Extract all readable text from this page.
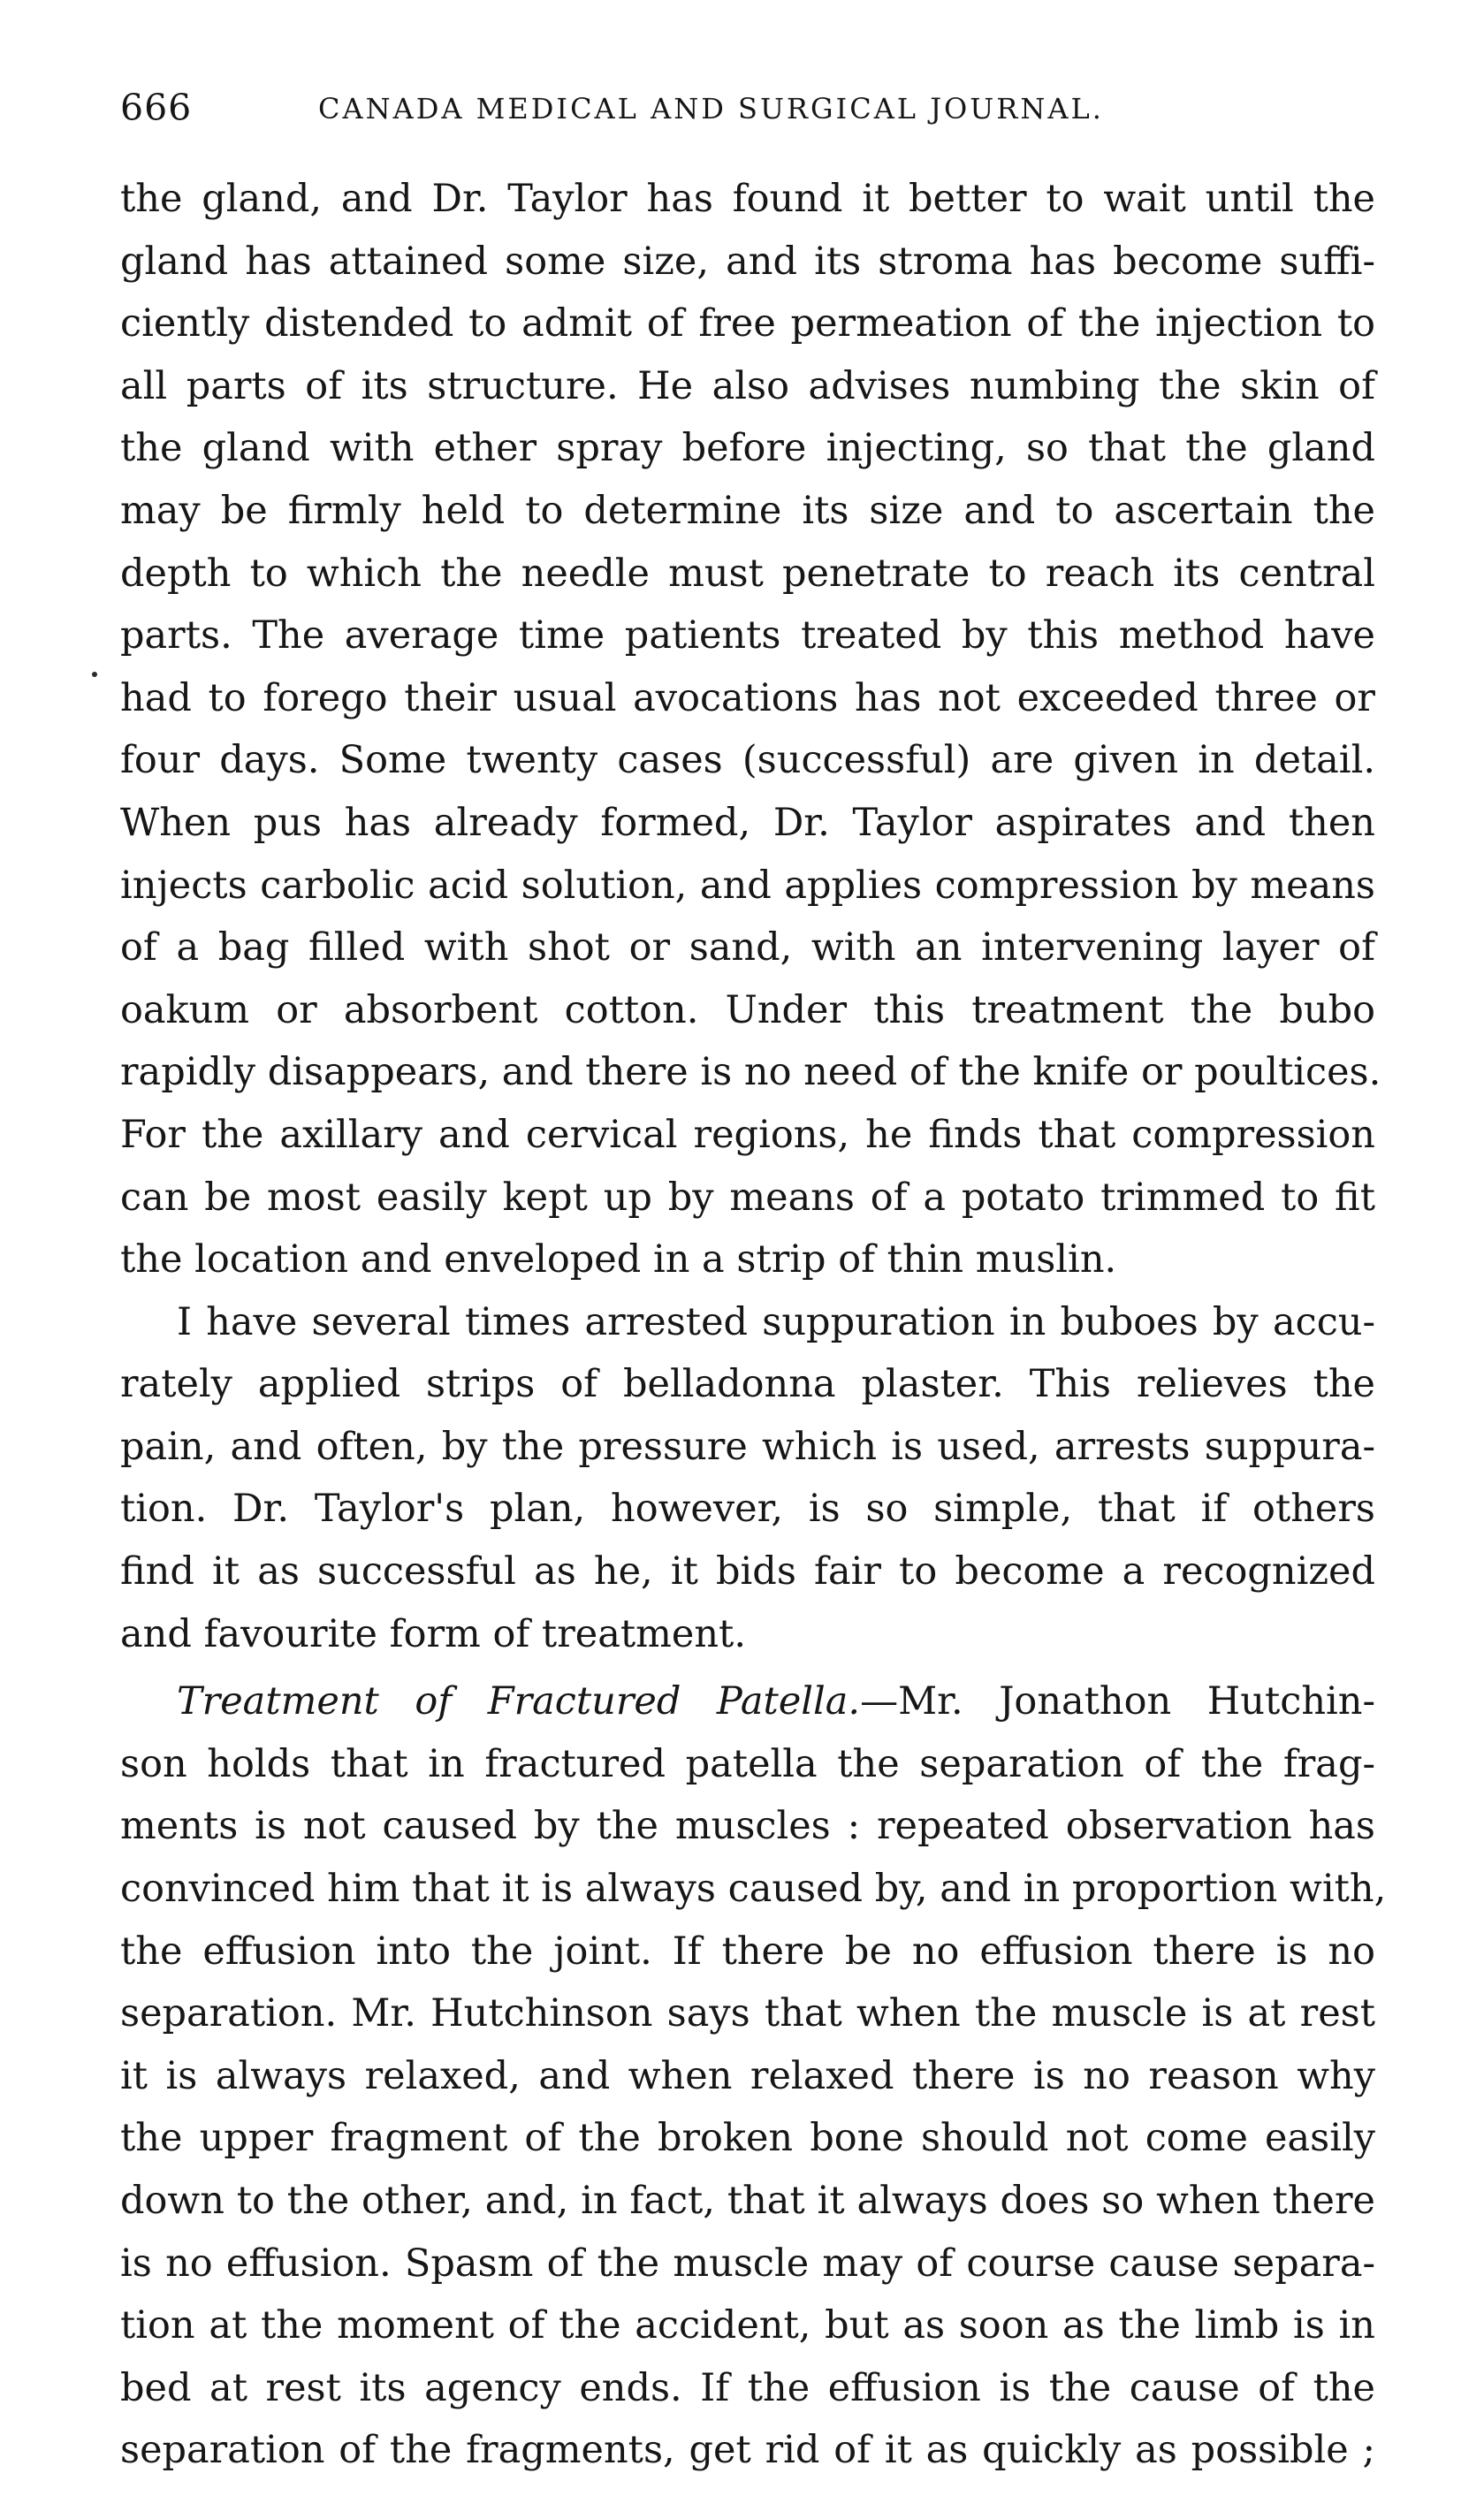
666	CANADA MEDICAL AND SURGICAL JOURNAL.
the gland, and Dr. Taylor has found it better to wait until the
gland has attained some size, and its stroma has become suffi-
ciently distended to admit of free permeation of the injection to
all parts of its structure. He also advises numbing the skin of
the gland with ether spray before injecting, so that the gland
may be firmly held to determine its size and to ascertain the
depth to which the needle must penetrate to reach its central
parts. The average time patients treated by this method have
had to forego their usual avocations has not exceeded three or
four days. Some twenty cases (successful) are given in detail.
When pus has already formed, Dr. Taylor aspirates and then
injects carbolic acid solution, and applies compression by means
of a bag filled with shot or sand, with an intervening layer of
oakum or absorbent cotton. Under this treatment the bubo
rapidly disappears, and there is no need of the knife or poultices.
For the axillary and cervical regions, he finds that compression
can be most easily kept up by means of a potato trimmed to fit
the location and enveloped in a strip of thin muslin.
I have several times arrested suppuration in buboes by accu-
rately applied strips of belladonna plaster. This relieves the
pain, and often, by the pressure which is used, arrests suppura-
tion. Dr. Taylor's plan, however, is so simple, that if others
find it as successful as he, it bids fair to become a recognized
and favourite form of treatment.
Treatment of Fractured Patella.—Mr. Jonathon Hutchin-
son holds that in fractured patella the separation of the frag-
ments is not caused by the muscles : repeated observation has
convinced him that it is always caused by, and in proportion with,
the effusion into the joint. If there be no effusion there is no
separation. Mr. Hutchinson says that when the muscle is at rest
it is always relaxed, and when relaxed there is no reason why
the upper fragment of the broken bone should not come easily
down to the other, and, in fact, that it always does so when there
is no effusion. Spasm of the muscle may of course cause separa-
tion at the moment of the accident, but as soon as the limb is in
bed at rest its agency ends. If the effusion is the cause of the
separation of the fragments, get rid of it as quickly as possible ;
